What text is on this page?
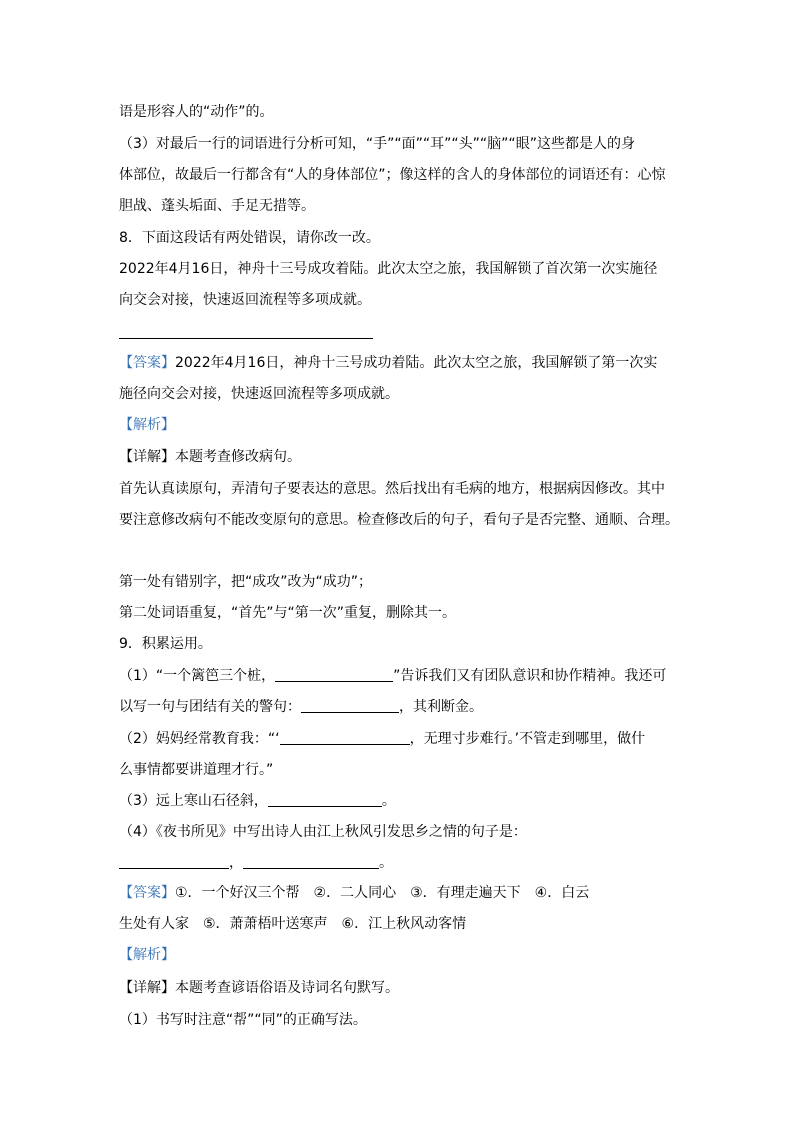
语是形容人的“动作”的。
（3）对最后一行的词语进行分析可知，“手”“面”“耳”“头”“脑”“眼”这些都是人的身
体部位，故最后一行都含有“人的身体部位”；像这样的含人的身体部位的词语还有：心惊
胆战、蓬头垢面、手足无措等。
8．下面这段话有两处错误，请你改一改。
2022年4月16日，神舟十三号成攻着陆。此次太空之旅，我国解锁了首次第一次实施径
向交会对接，快速返回流程等多项成就。
【答案】2022年4月16日，神舟十三号成功着陆。此次太空之旅，我国解锁了第一次实
施径向交会对接，快速返回流程等多项成就。
【解析】
【详解】本题考查修改病句。
首先认真读原句，弄清句子要表达的意思。然后找出有毛病的地方，根据病因修改。其中
要注意修改病句不能改变原句的意思。检查修改后的句子，看句子是否完整、通顺、合理。
第一处有错别字，把“成攻”改为“成功”；
第二处词语重复，“首先”与“第一次”重复，删除其一。
9．积累运用。
（1）“一个篱笆三个桩，	”告诉我们又有团队意识和协作精神。我还可
以写一句与团结有关的警句：	，其利断金。
（2）妈妈经常教育我：“‘	，无理寸步难行。’不管走到哪里，做什
么事情都要讲道理才行。”
（3）远上寒山石径斜，	。
（4）《夜书所见》中写出诗人由江上秋风引发思乡之情的句子是：
，	。
【答案】①．一个好汉三个帮　②．二人同心　③．有理走遍天下　④．白云
生处有人家　⑤．萧萧梧叶送寒声　⑥．江上秋风动客情
【解析】
【详解】本题考查谚语俗语及诗词名句默写。
（1）书写时注意“帮”“同”的正确写法。
